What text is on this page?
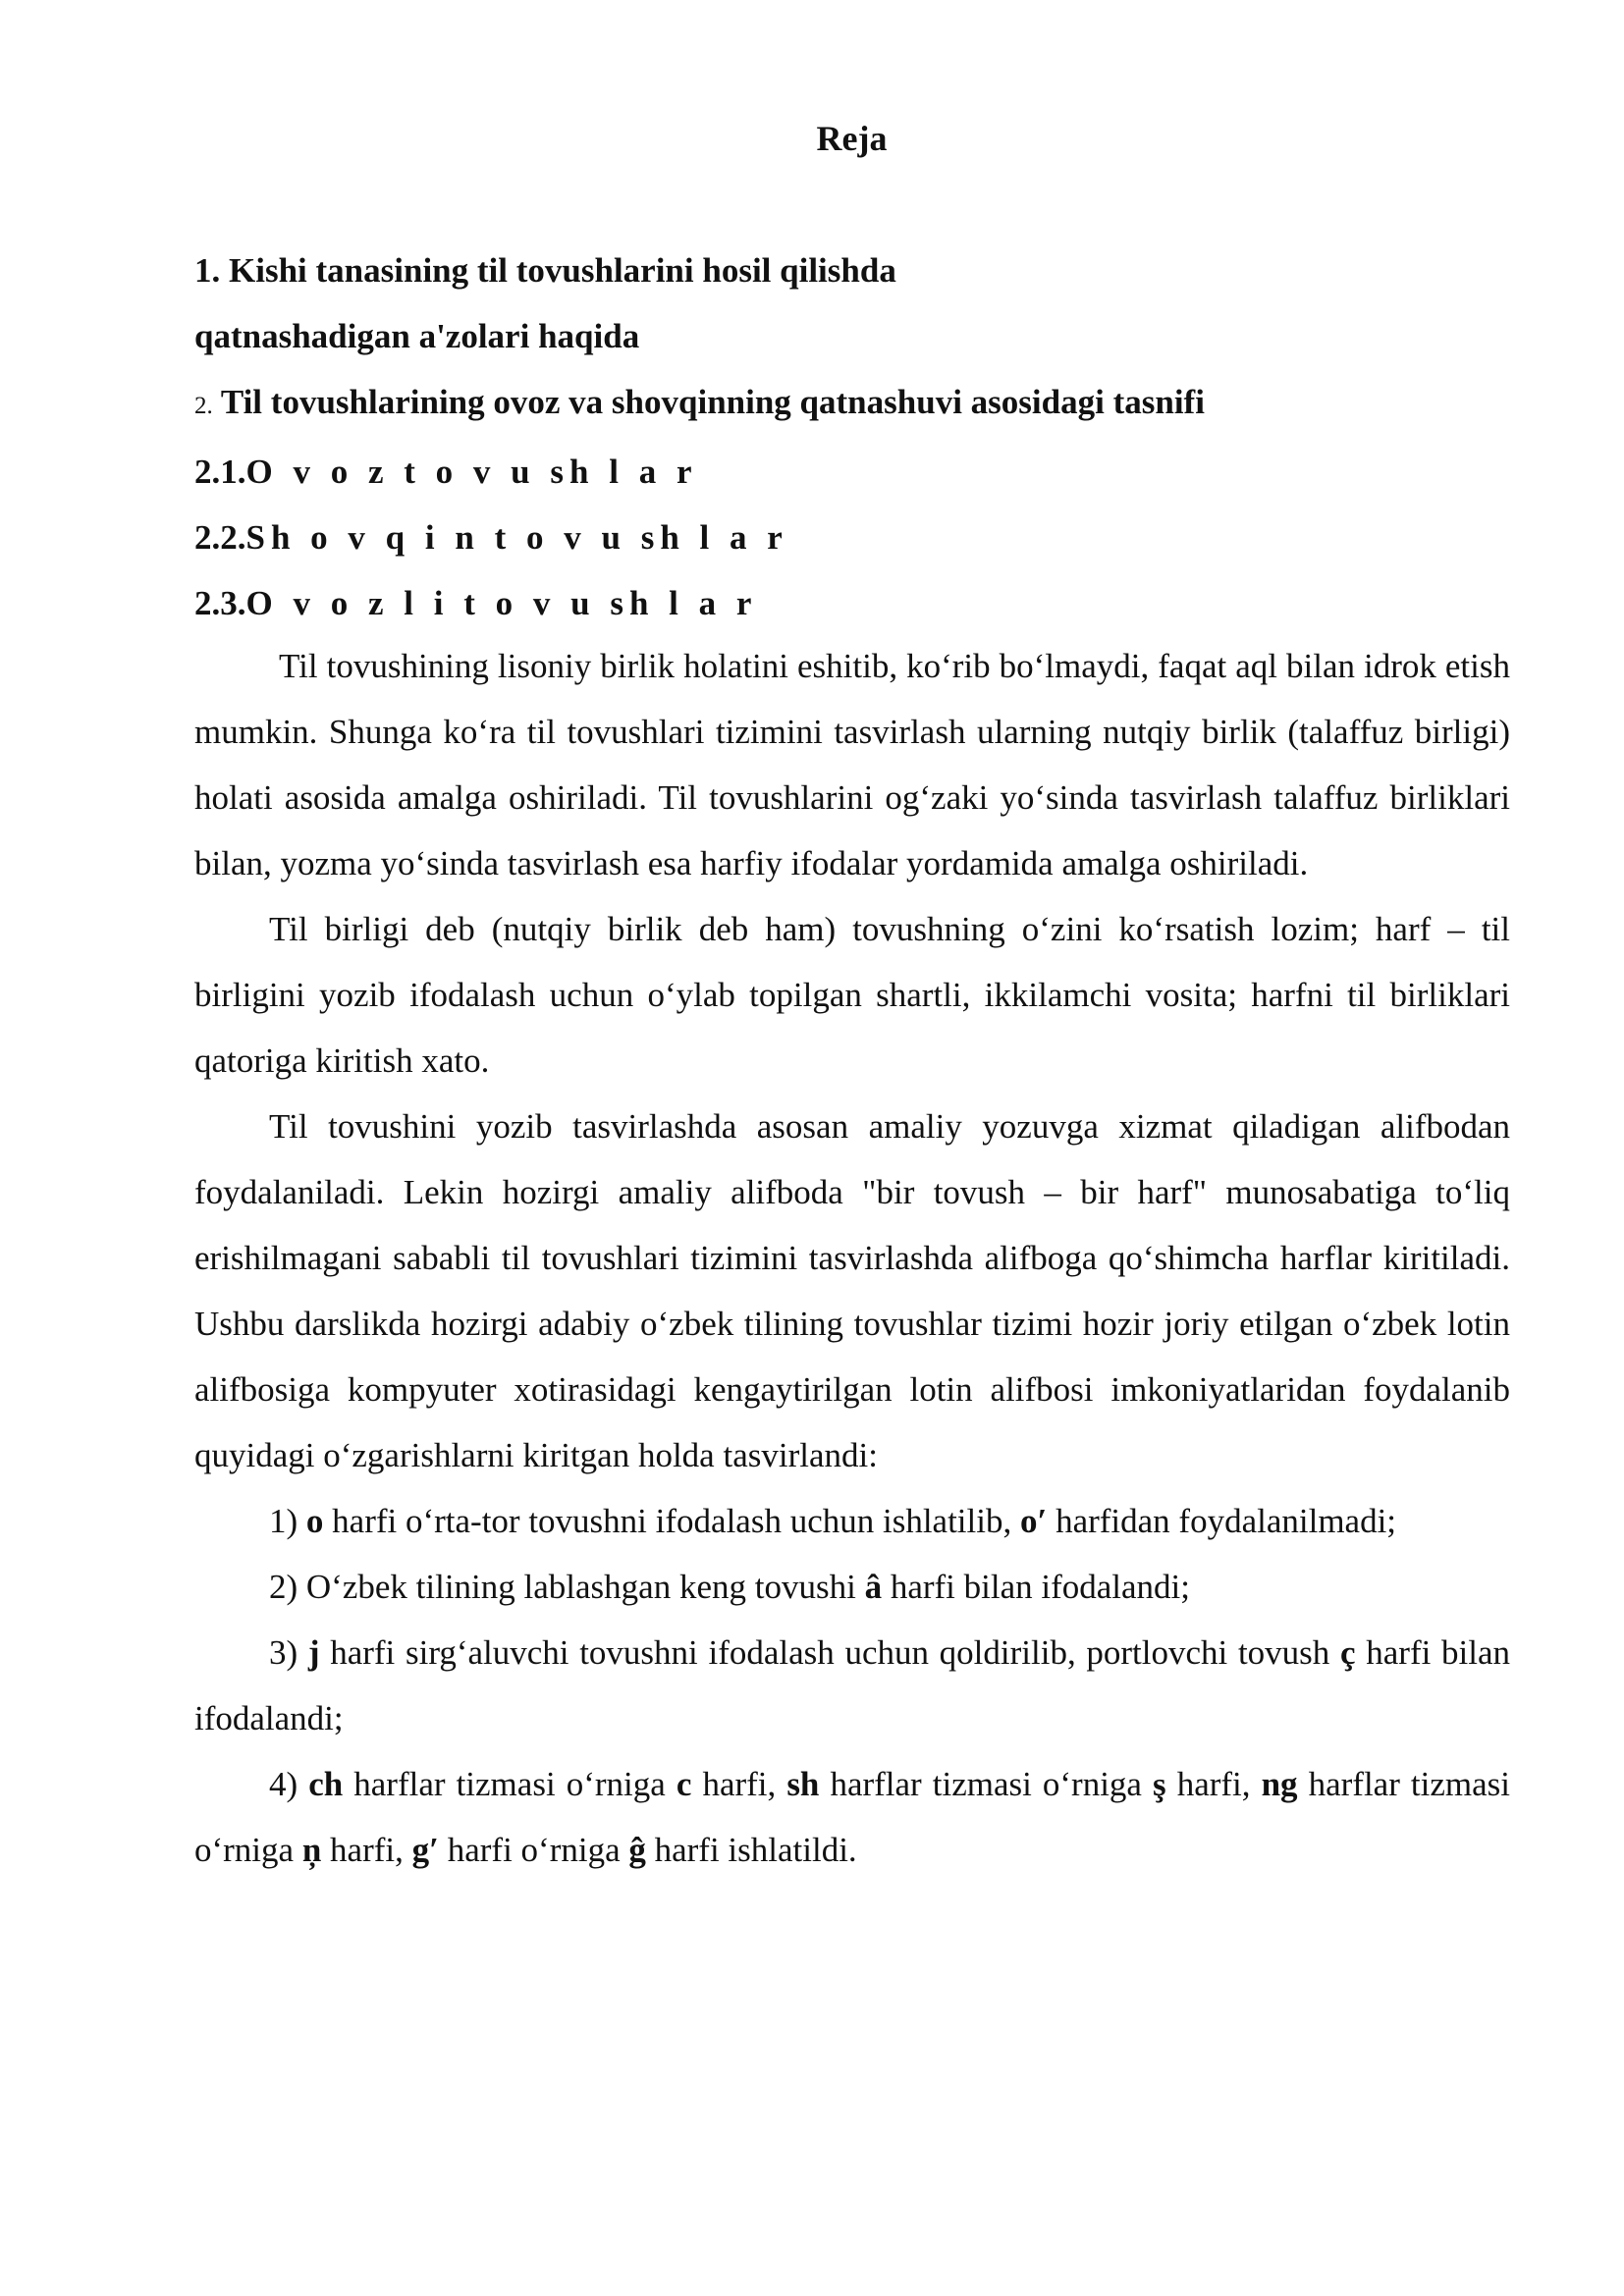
Reja
1. Kishi tanasining til tovushlarini hosil qilishda
qatnashadigan a'zolari haqida
2. Til tovushlarining ovoz va shovqinning qatnashuvi asosidagi tasnifi
2.1.O v o z t o v u sh l a r
2.2.Sh o v q i n t o v u sh l a r
2.3.O v o z l i t o v u sh l a r

Til tovushining lisoniy birlik holatini eshitib, ko‘rib bo‘lmaydi, faqat aql bilan idrok etish mumkin. Shunga ko‘ra til tovushlari tizimini tasvirlash ularning nutqiy birlik (talaffuz birligi) holati asosida amalga oshiriladi. Til tovushlarini og‘zaki yo‘sinda tasvirlash talaffuz birliklari bilan, yozma yo‘sinda tasvirlash esa harfiy ifodalar yordamida amalga oshiriladi.

Til birligi deb (nutqiy birlik deb ham) tovushning o‘zini ko‘rsatish lozim; harf – til birligini yozib ifodalash uchun o‘ylab topilgan shartli, ikkilamchi vosita; harfni til birliklari qatoriga kiritish xato.

Til tovushini yozib tasvirlashda asosan amaliy yozuvga xizmat qiladigan alifbodan foydalaniladi. Lekin hozirgi amaliy alifboda "bir tovush – bir harf" munosabatiga to‘liq erishilmagani sababli til tovushlari tizimini tasvirlashda alifboga qo‘shimcha harflar kiritiladi. Ushbu darslikda hozirgi adabiy o‘zbek tilining tovushlar tizimi hozir joriy etilgan o‘zbek lotin alifbosiga kompyuter xotirasidagi kengaytirilgan lotin alifbosi imkoniyatlaridan foydalanib quyidagi o‘zgarishlarni kiritgan holda tasvirlandi:

1) o harfi o‘rta-tor tovushni ifodalash uchun ishlatilib, o′ harfidan foydalanilmadi;

2) O‘zbek tilining lablashgan keng tovushi â harfi bilan ifodalandi;

3) j harfi sirg‘aluvchi tovushni ifodalash uchun qoldirilib, portlovchi tovush ç harfi bilan ifodalandi;

4) ch harflar tizmasi o‘rniga c harfi, sh harflar tizmasi o‘rniga ş harfi, ng harflar tizmasi o‘rniga ņ harfi, g′ harfi o‘rniga ĝ harfi ishlatildi.
